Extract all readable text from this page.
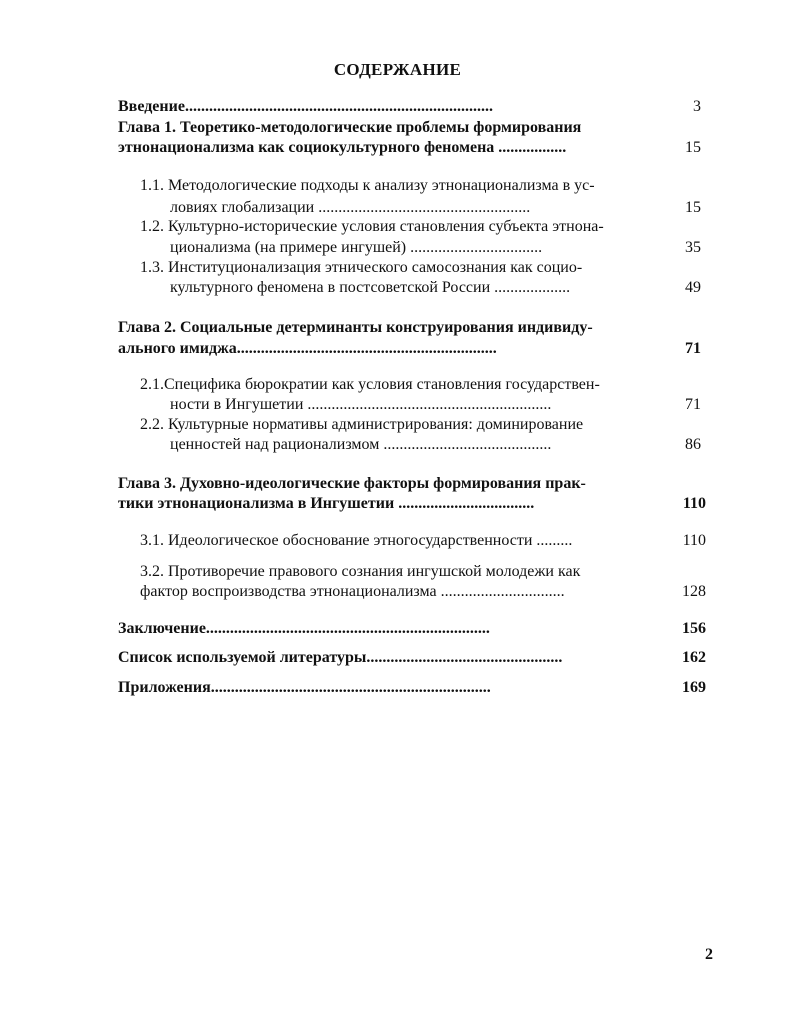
СОДЕРЖАНИЕ
Введение.............................................................................	3
Глава 1. Теоретико-методологические проблемы формирования
этнонационализма как социокультурного феномена .................	15
1.1. Методологические подходы к анализу этнонационализма в ус-
ловиях глобализации .....................................................	15
1.2. Культурно-исторические условия становления субъекта этнона-
ционализма (на примере ингушей) .................................	35
1.3. Институционализация этнического самосознания как социо-
культурного феномена в постсоветской России ...................	49
Глава 2. Социальные детерминанты конструирования индивиду-
ального имиджа.................................................................	71
2.1.Специфика бюрократии как условия становления государствен-
ности в Ингушетии .............................................................	71
2.2. Культурные нормативы администрирования: доминирование
ценностей над рационализмом ..........................................	86
Глава 3. Духовно-идеологические факторы формирования прак-
тики этнонационализма в Ингушетии ..................................	110
3.1. Идеологическое обоснование этногосударственности .........	110
3.2. Противоречие правового сознания ингушской молодежи как
фактор воспроизводства этнонационализма ...............................	128
Заключение.......................................................................	156
Список используемой литературы.................................................	162
Приложения......................................................................	169
2
